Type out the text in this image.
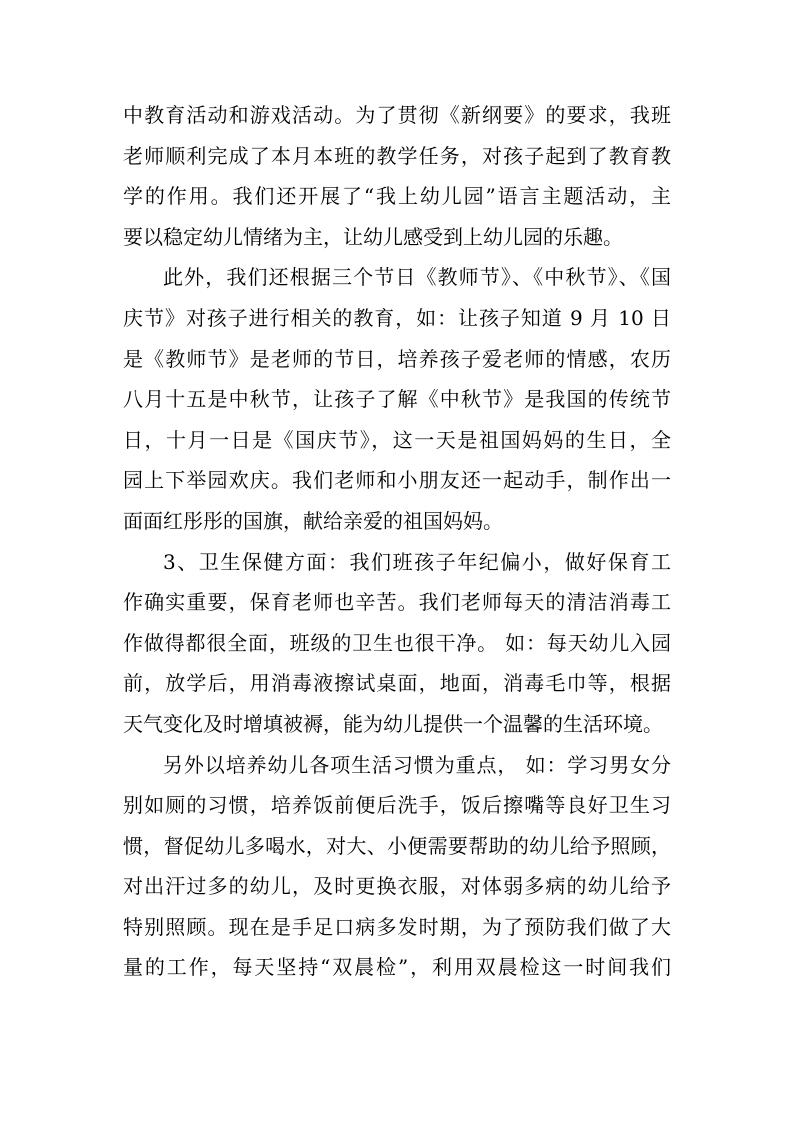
中教育活动和游戏活动。为了贯彻《新纲要》的要求，我班
老师顺利完成了本月本班的教学任务，对孩子起到了教育教
学的作用。我们还开展了“我上幼儿园”语言主题活动，主
要以稳定幼儿情绪为主，让幼儿感受到上幼儿园的乐趣。
此外，我们还根据三个节日《教师节》、《中秋节》、《国
庆节》对孩子进行相关的教育，如：让孩子知道 9 月 10 日
是《教师节》是老师的节日，培养孩子爱老师的情感，农历
八月十五是中秋节，让孩子了解《中秋节》是我国的传统节
日，十月一日是《国庆节》，这一天是祖国妈妈的生日，全
园上下举园欢庆。我们老师和小朋友还一起动手，制作出一
面面红彤彤的国旗，献给亲爱的祖国妈妈。
3、卫生保健方面：我们班孩子年纪偏小，做好保育工
作确实重要，保育老师也辛苦。我们老师每天的清洁消毒工
作做得都很全面，班级的卫生也很干净。 如：每天幼儿入园
前，放学后，用消毒液擦试桌面，地面，消毒毛巾等，根据
天气变化及时增填被褥，能为幼儿提供一个温馨的生活环境。
另外以培养幼儿各项生活习惯为重点， 如：学习男女分
别如厕的习惯，培养饭前便后洗手，饭后擦嘴等良好卫生习
惯，督促幼儿多喝水，对大、小便需要帮助的幼儿给予照顾，
对出汗过多的幼儿，及时更换衣服，对体弱多病的幼儿给予
特别照顾。现在是手足口病多发时期，为了预防我们做了大
量的工作，每天坚持“双晨检”，利用双晨检这一时间我们
